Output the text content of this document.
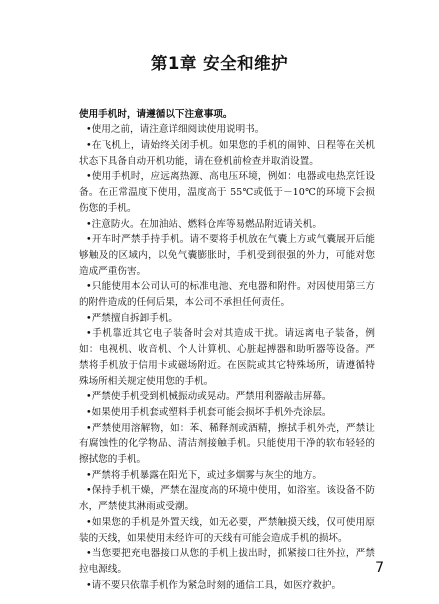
第1章 安全和维护

使用手机时，请遵循以下注意事项。

•使用之前，请注意详细阅读使用说明书。

•在飞机上，请始终关闭手机。如果您的手机的闹钟、日程等在关机状态下具备自动开机功能，请在登机前检查并取消设置。

•使用手机时，应远离热源、高电压环境，例如：电器或电热烹饪设备。在正常温度下使用，温度高于 55℃或低于－10℃的环境下会损伤您的手机。

•注意防火。在加油站、燃料仓库等易燃品附近请关机。

•开车时严禁手持手机。请不要将手机放在气囊上方或气囊展开后能够触及的区域内，以免气囊膨胀时，手机受到很强的外力，可能对您造成严重伤害。

•只能使用本公司认可的标准电池、充电器和附件。对因使用第三方的附件造成的任何后果，本公司不承担任何责任。

•严禁擅自拆卸手机。

•手机靠近其它电子装备时会对其造成干扰。请远离电子装备，例如：电视机、收音机、个人计算机、心脏起搏器和助听器等设备。严禁将手机放于信用卡或磁场附近。在医院或其它特殊场所，请遵循特殊场所相关规定使用您的手机。

•严禁使手机受到机械振动或晃动。严禁用利器敲击屏幕。

•如果使用手机套或塑料手机套可能会损坏手机外壳涂层。

•严禁使用溶解物，如：苯、稀释剂或酒精，擦拭手机外壳，严禁让有腐蚀性的化学物品、清洁剂接触手机。只能使用干净的软布轻轻的擦拭您的手机。

•严禁将手机暴露在阳光下，或过多烟雾与灰尘的地方。

•保持手机干燥，严禁在湿度高的环境中使用，如浴室。该设备不防水，严禁使其淋雨或受潮。

•如果您的手机是外置天线，如无必要，严禁触摸天线，仅可使用原装的天线，如果使用未经许可的天线有可能会造成手机的损坏。

•当您要把充电器接口从您的手机上拔出时，抓紧接口往外拉，严禁拉电源线。

•请不要只依靠手机作为紧急时刻的通信工具，如医疗救护。

7
